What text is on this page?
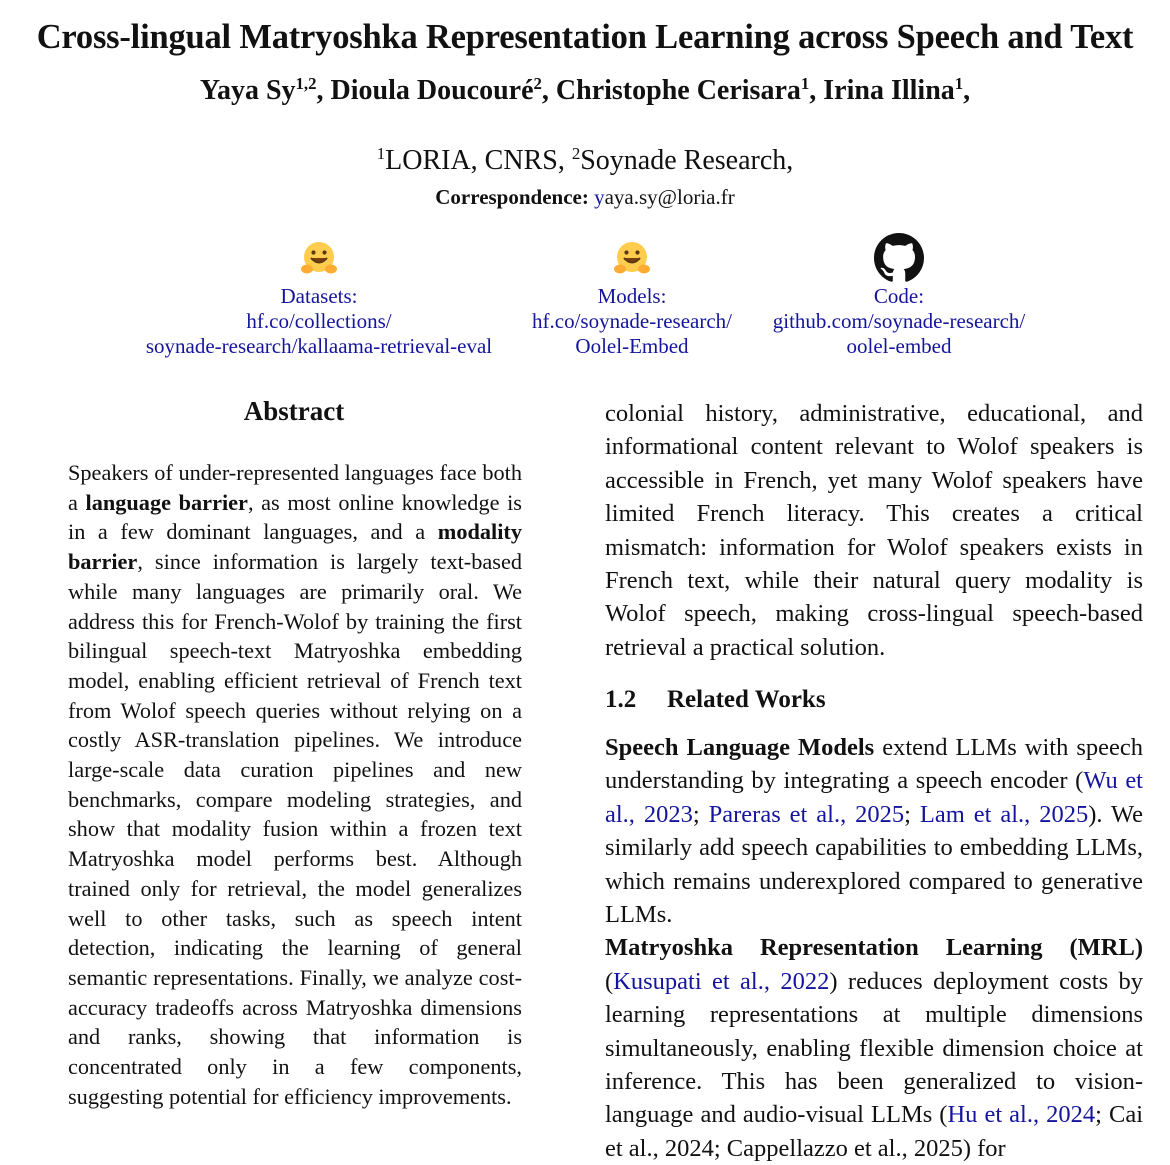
Cross-lingual Matryoshka Representation Learning across Speech and Text
Yaya Sy$^{1,2}$, Dioula Doucouré$^2$, Christophe Cerisara$^1$, Irina Illina$^1$,
$^1$LORIA, CNRS, $^2$Soynade Research,
Correspondence: yaya.sy@loria.fr
Datasets:
hf.co/collections/
soynade-research/kallaama-retrieval-eval
Models:
hf.co/soynade-research/
Oolel-Embed
Code:
github.com/soynade-research/
oolel-embed
Abstract
Speakers of under-represented languages face both a language barrier, as most online knowledge is in a few dominant languages, and a modality barrier, since information is largely text-based while many languages are primarily oral. We address this for French-Wolof by training the first bilingual speech-text Matryoshka embedding model, enabling efficient retrieval of French text from Wolof speech queries without relying on a costly ASR-translation pipelines. We introduce large-scale data curation pipelines and new benchmarks, compare modeling strategies, and show that modality fusion within a frozen text Matryoshka model performs best. Although trained only for retrieval, the model generalizes well to other tasks, such as speech intent detection, indicating the learning of general semantic representations. Finally, we analyze cost-accuracy tradeoffs across Matryoshka dimensions and ranks, showing that information is concentrated only in a few components, suggesting potential for efficiency improvements.

colonial history, administrative, educational, and informational content relevant to Wolof speakers is accessible in French, yet many Wolof speakers have limited French literacy. This creates a critical mismatch: information for Wolof speakers exists in French text, while their natural query modality is Wolof speech, making cross-lingual speech-based retrieval a practical solution.

1.2 Related Works

Speech Language Models extend LLMs with speech understanding by integrating a speech encoder (Wu et al., 2023; Pareras et al., 2025; Lam et al., 2025). We similarly add speech capabilities to embedding LLMs, which remains underexplored compared to generative LLMs.

Matryoshka Representation Learning (MRL) (Kusupati et al., 2022) reduces deployment costs by learning representations at multiple dimensions simultaneously, enabling flexible dimension choice at inference. This has been generalized to vision-language and audio-visual LLMs (Hu et al., 2024; Cai et al., 2024; Cappellazzo et al., 2025) for
